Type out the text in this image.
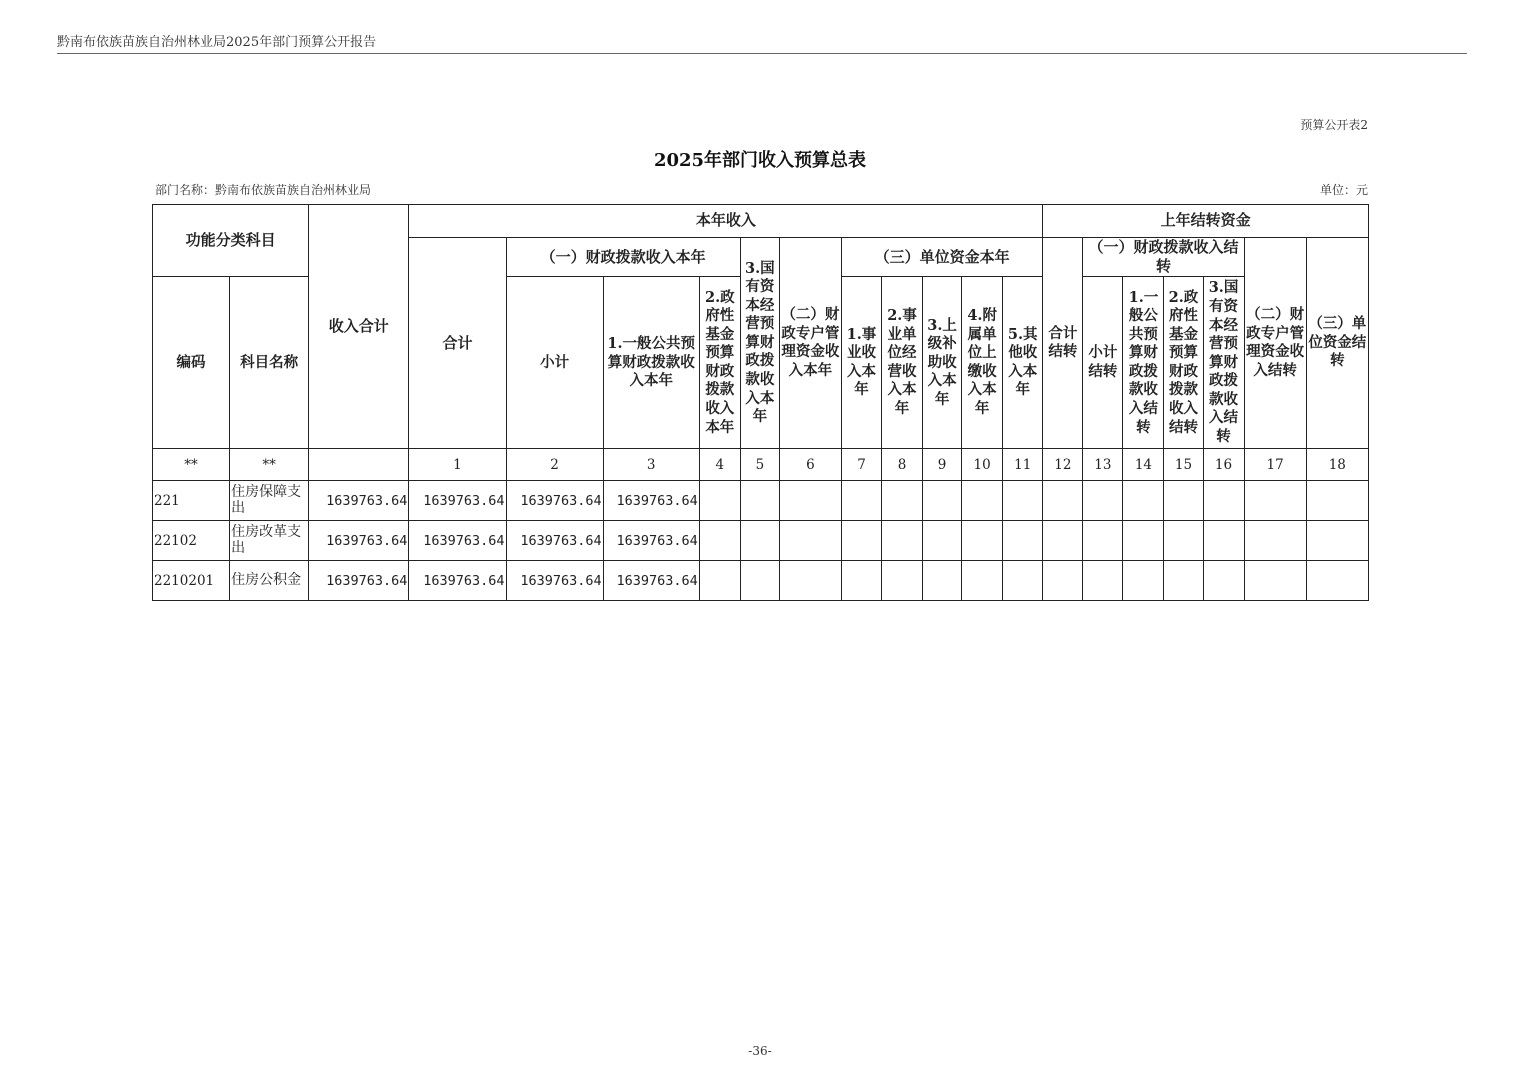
黔南布依族苗族自治州林业局2025年部门预算公开报告
预算公开表2
2025年部门收入预算总表
部门名称：黔南布依族苗族自治州林业局	单位：元
功能分类科目		收入合计	本年收入											上年结转资金						
			合计	（一）财政拨款收入本年			3.国有资本经营预算财政拨款收入本年	（二）财政专户管理资金收入本年	（三）单位资金本年					合计结转	（一）财政拨款收入结转				（二）财政专户管理资金收入结转	（三）单位资金结转
编码	科目名称			小计	1.一般公共预算财政拨款收入本年	2.政府性基金预算财政拨款收入本年			1.事业收入本年	2.事业单位经营收入本年	3.上级补助收入本年	4.附属单位上缴收入本年	5.其他收入本年		小计结转	1.一般公共预算财政拨款收入结转	2.政府性基金预算财政拨款收入结转	3.国有资本经营预算财政拨款收入结转		
**	**		1	2	3	4	5	6	7	8	9	10	11	12	13	14	15	16	17	18
221	住房保障支出	1639763.64	1639763.64	1639763.64	1639763.64															
22102	住房改革支出	1639763.64	1639763.64	1639763.64	1639763.64															
2210201	住房公积金	1639763.64	1639763.64	1639763.64	1639763.64															
-36-
